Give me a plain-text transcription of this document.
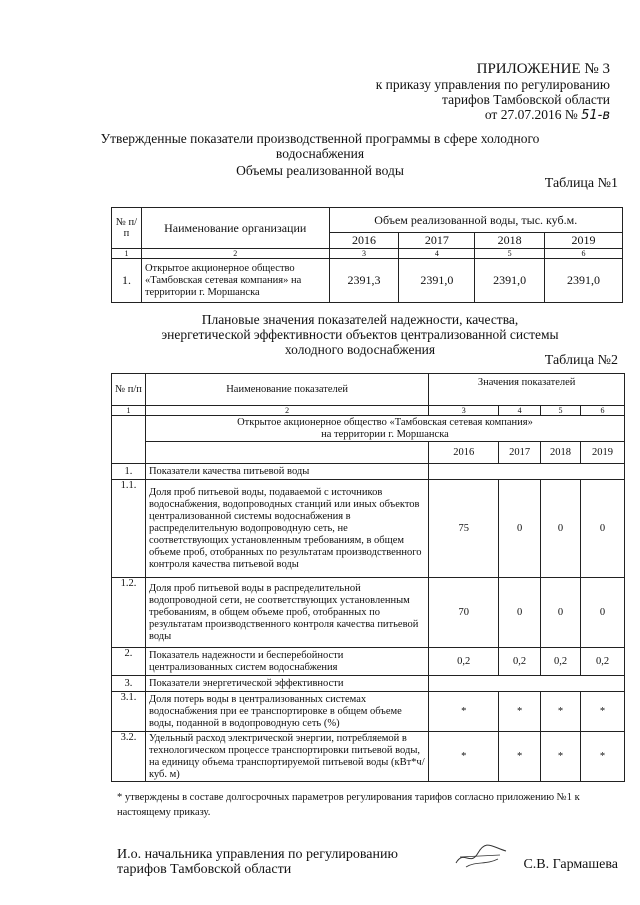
ПРИЛОЖЕНИЕ № 3
к приказу управления по регулированию
тарифов Тамбовской области
от 27.07.2016 № 51-в
Утвержденные показатели производственной программы в сфере холодного
водоснабжения
Объемы реализованной воды
Таблица №1
№ п/п	Наименование организации	Объем реализованной воды, тыс. куб.м.			
		2016	2017	2018	2019
1	2	3	4	5	6
1.	Открытое акционерное общество
«Тамбовская сетевая компания» на
территории г. Моршанска	2391,3	2391,0	2391,0	2391,0
Плановые значения показателей надежности, качества,
энергетической эффективности объектов централизованной системы
холодного водоснабжения
Таблица №2
№ п/п	Наименование показателей	Значения показателей			
1	2	3	4	5	6

	Открытое акционерное общество «Тамбовская сетевая компания»
на территории г. Моршанска				

		2016	2017	2018	2019
1.	Показатели качества питьевой воды				
1.1.	Доля проб питьевой воды, подаваемой с источников водоснабжения, водопроводных станций или иных объектов централизованной системы водоснабжения в распределительную водопроводную сеть, не соответствующих установленным требованиям, в общем объеме проб, отобранных по результатам производственного контроля качества питьевой воды	75	0	0	0
1.2.	Доля проб питьевой воды в распределительной водопроводной сети, не соответствующих установленным требованиям, в общем объеме проб, отобранных по результатам производственного контроля качества питьевой воды	70	0	0	0
2.	Показатель надежности и бесперебойности централизованных систем водоснабжения	0,2	0,2	0,2	0,2
3.	Показатели энергетической эффективности				
3.1.	Доля потерь воды в централизованных системах водоснабжения при ее транспортировке в общем объеме воды, поданной в водопроводную сеть (%)	*	*	*	*
3.2.	Удельный расход электрической энергии, потребляемой в технологическом процессе транспортировки питьевой воды, на единицу объема транспортируемой питьевой воды (кВт*ч/куб. м)	*	*	*	*
* утверждены в составе долгосрочных параметров регулирования тарифов согласно приложению №1 к настоящему приказу.
И.о. начальника управления по регулированию
тарифов Тамбовской области	С.В. Гармашева
